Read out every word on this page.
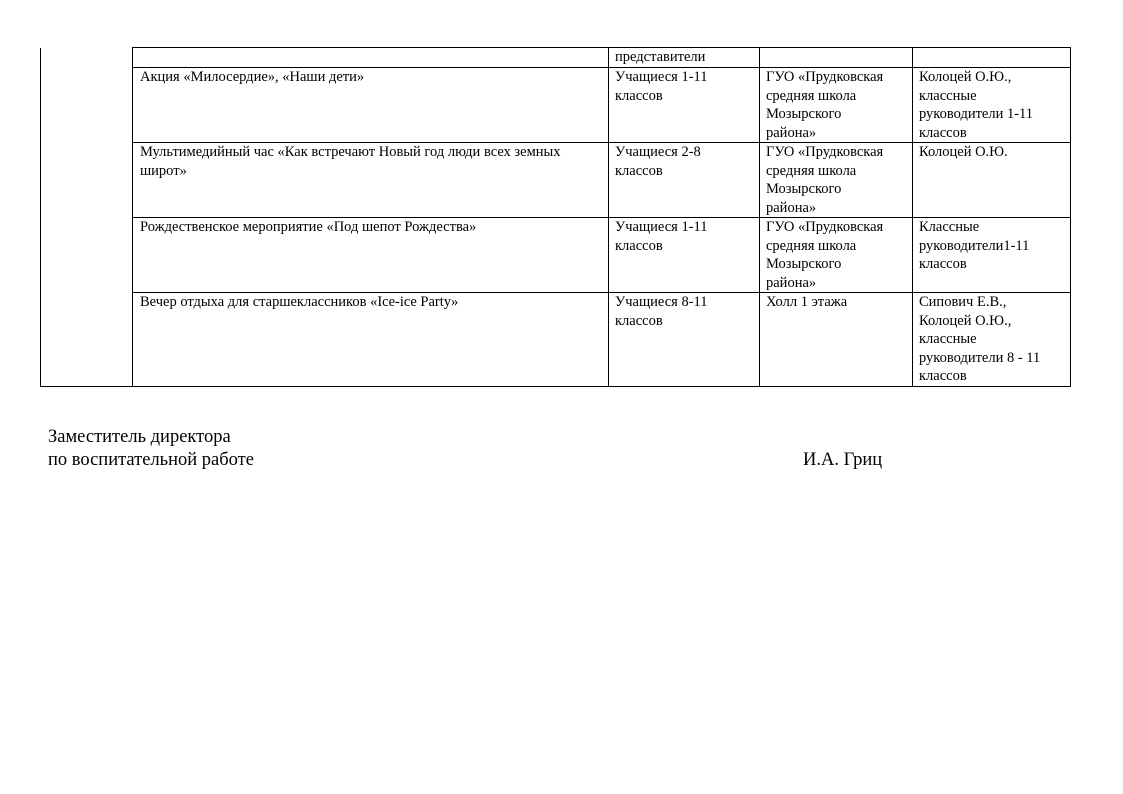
		представители		

	Акция «Милосердие», «Наши дети»	Учащиеся 1-11
классов	ГУО «Прудковская
средняя школа
Мозырского
района»	Колоцей О.Ю.,
классные
руководители 1-11
классов

	Мультимедийный час «Как встречают Новый год люди всех земных широт»	Учащиеся 2-8
классов	ГУО «Прудковская
средняя школа
Мозырского
района»	Колоцей О.Ю.

	Рождественское мероприятие «Под шепот Рождества»	Учащиеся 1-11
классов	ГУО «Прудковская
средняя школа
Мозырского
района»	Классные
руководители1-11
классов

	Вечер отдыха для старшеклассников «Ice-ice Party»	Учащиеся 8-11
классов	Холл 1 этажа	Сипович Е.В.,
Колоцей О.Ю.,
классные
руководители 8 - 11
классов
Заместитель директора
по воспитательной работе	И.А. Гриц
